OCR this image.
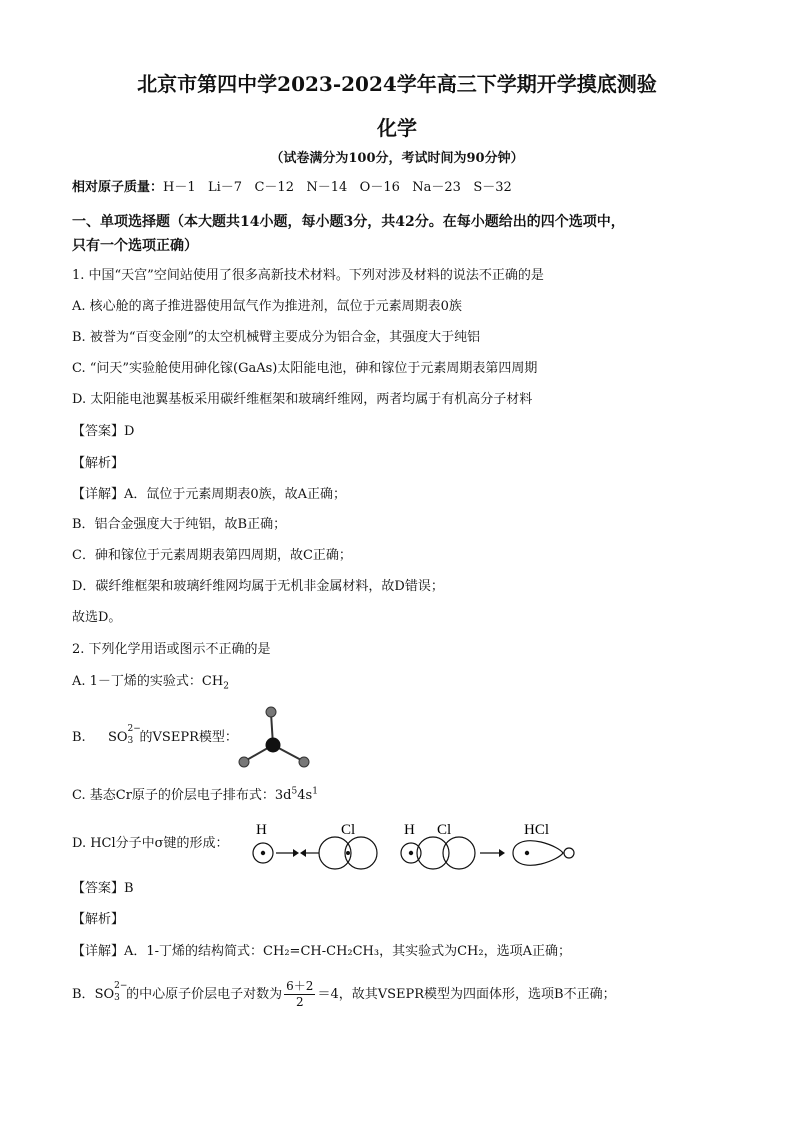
北京市第四中学2023-2024学年高三下学期开学摸底测验
化学
（试卷满分为100分，考试时间为90分钟）
相对原子质量：H－1   Li－7   C－12   N－14   O－16   Na－23   S－32
一、单项选择题（本大题共14小题，每小题3分，共42分。在每小题给出的四个选项中，
只有一个选项正确）
1. 中国“天宫”空间站使用了很多高新技术材料。下列对涉及材料的说法不正确的是
A. 核心舱的离子推进器使用氙气作为推进剂，氙位于元素周期表0族
B. 被誉为“百变金刚”的太空机械臂主要成分为铝合金，其强度大于纯铝
C. “问天”实验舱使用砷化镓(GaAs)太阳能电池，砷和镓位于元素周期表第四周期
D. 太阳能电池翼基板采用碳纤维框架和玻璃纤维网，两者均属于有机高分子材料
【答案】D
【解析】
【详解】A．氙位于元素周期表0族，故A正确；
B．铝合金强度大于纯铝，故B正确；
C．砷和镓位于元素周期表第四周期，故C正确；
D．碳纤维框架和玻璃纤维网均属于无机非金属材料，故D错误；
故选D。
2. 下列化学用语或图示不正确的是
A. 1－丁烯的实验式：$CH_2$
B. SO
2−
3 的VSEPR模型：
C. 基态Cr原子的价层电子排布式：$3d^54s^1$
D. HCl分子中σ键的形成：
H	Cl	H Cl	HCl
【答案】B
【解析】
【详解】A．1-丁烯的结构简式：CH₂=CH-CH₂CH₃，其实验式为CH₂，选项A正确；
B．SO
2−
3 的中心原子价层电子对数为 $\frac{6+2}{2} =4$，故其VSEPR模型为四面体形，选项B不正确；
